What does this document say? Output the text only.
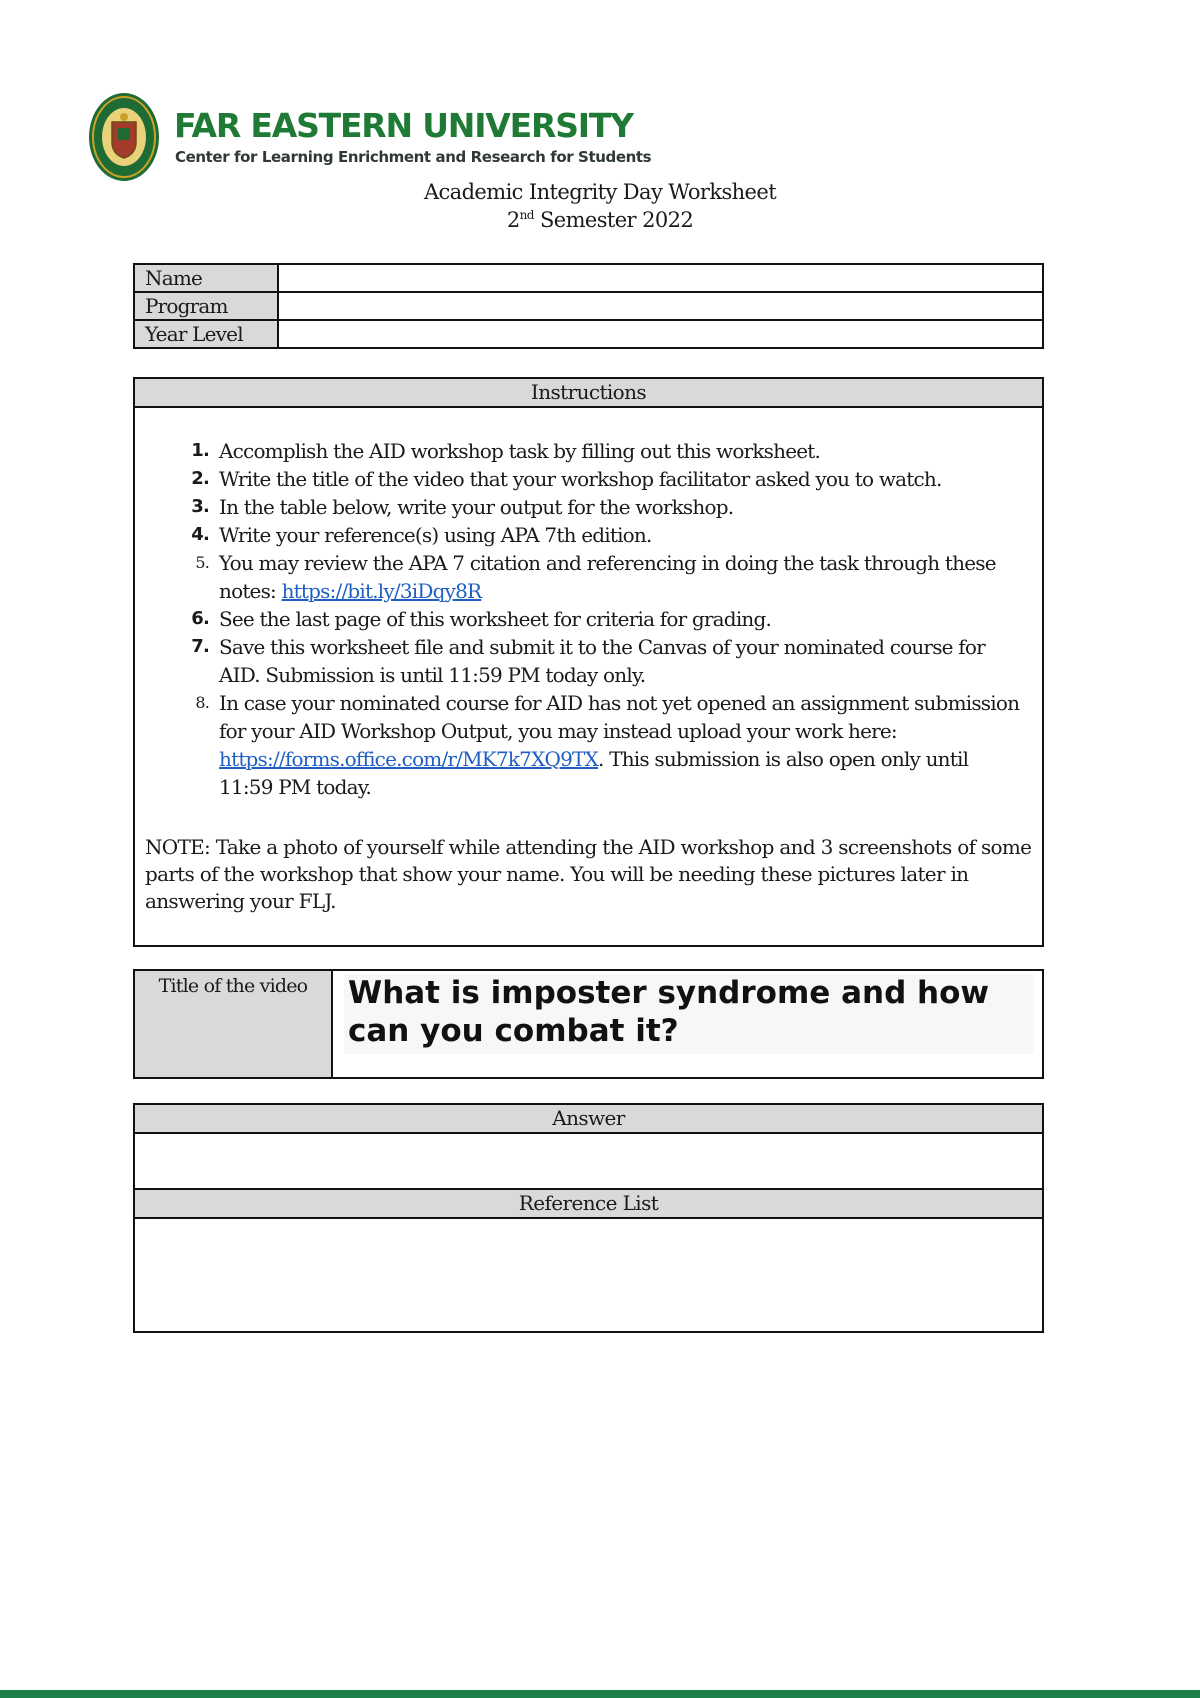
FAR EASTERN UNIVERSITY

Center for Learning Enrichment and Research for Students

Academic Integrity Day Worksheet
2nd Semester 2022
Name	
Program	
Year Level	
Instructions
1. Accomplish the AID workshop task by filling out this worksheet.
2. Write the title of the video that your workshop facilitator asked you to watch.
3. In the table below, write your output for the workshop.
4. Write your reference(s) using APA 7th edition.
5. You may review the APA 7 citation and referencing in doing the task through these notes: https://bit.ly/3iDqy8R
6. See the last page of this worksheet for criteria for grading.
7. Save this worksheet file and submit it to the Canvas of your nominated course for AID. Submission is until 11:59 PM today only.
8. In case your nominated course for AID has not yet opened an assignment submission for your AID Workshop Output, you may instead upload your work here: https://forms.office.com/r/MK7k7XQ9TX. This submission is also open only until 11:59 PM today.

NOTE: Take a photo of yourself while attending the AID workshop and 3 screenshots of some parts of the workshop that show your name. You will be needing these pictures later in answering your FLJ.

Title of the video	What is imposter syndrome and how can you combat it?

Answer
Reference List
